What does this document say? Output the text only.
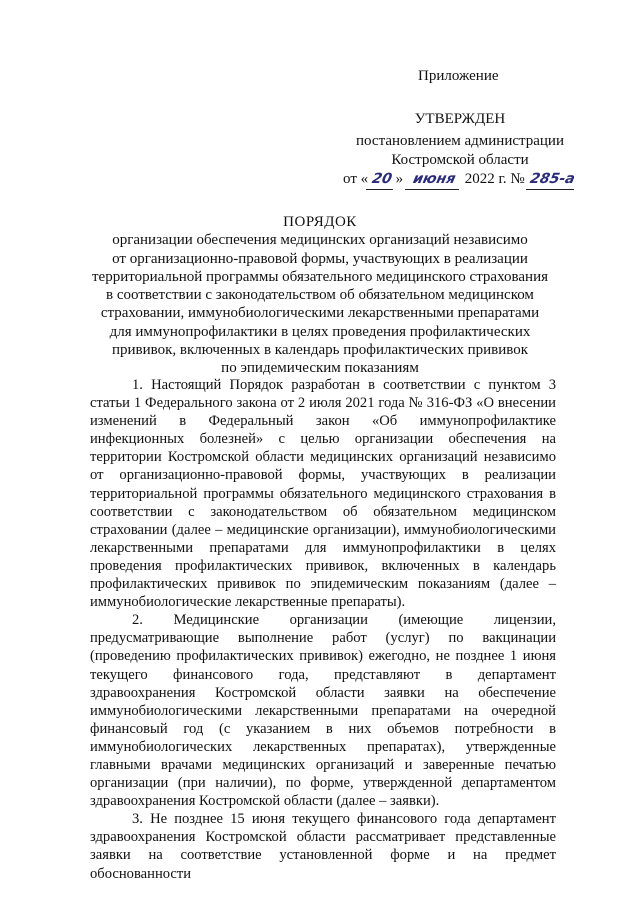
Приложение
УТВЕРЖДЕН
постановлением администрации
Костромской области
от « 20 » июня 2022 г. № 285-а
ПОРЯДОК
организации обеспечения медицинских организаций независимо
от организационно-правовой формы, участвующих в реализации
территориальной программы обязательного медицинского страхования
в соответствии с законодательством об обязательном медицинском
страховании, иммунобиологическими лекарственными препаратами
для иммунопрофилактики в целях проведения профилактических
прививок, включенных в календарь профилактических прививок
по эпидемическим показаниям

1. Настоящий Порядок разработан в соответствии с пунктом 3 статьи 1 Федерального закона от 2 июля 2021 года № 316-ФЗ «О внесении изменений в Федеральный закон «Об иммунопрофилактике инфекционных болезней» с целью организации обеспечения на территории Костромской области медицинских организаций независимо от организационно-правовой формы, участвующих в реализации территориальной программы обязательного медицинского страхования в соответствии с законодательством об обязательном медицинском страховании (далее – медицинские организации), иммунобиологическими лекарственными препаратами для иммунопрофилактики в целях проведения профилактических прививок, включенных в календарь профилактических прививок по эпидемическим показаниям (далее – иммунобиологические лекарственные препараты).

2. Медицинские организации (имеющие лицензии, предусматривающие выполнение работ (услуг) по вакцинации (проведению профилактических прививок) ежегодно, не позднее 1 июня текущего финансового года, представляют в департамент здравоохранения Костромской области заявки на обеспечение иммунобиологическими лекарственными препаратами на очередной финансовый год (с указанием в них объемов потребности в иммунобиологических лекарственных препаратах), утвержденные главными врачами медицинских организаций и заверенные печатью организации (при наличии), по форме, утвержденной департаментом здравоохранения Костромской области (далее – заявки).

3. Не позднее 15 июня текущего финансового года департамент здравоохранения Костромской области рассматривает представленные заявки на соответствие установленной форме и на предмет обоснованности
